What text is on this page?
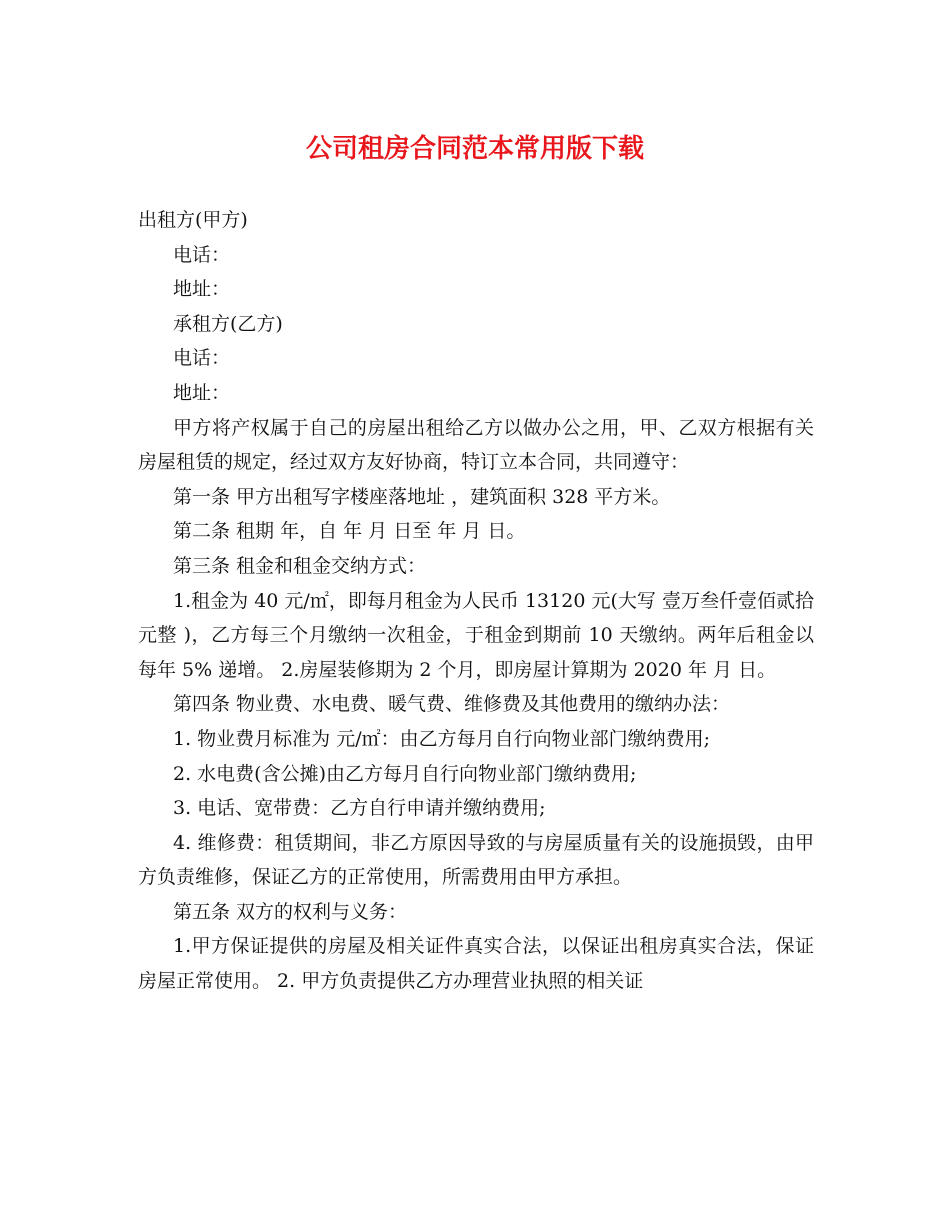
公司租房合同范本常用版下载

出租方(甲方)

电话：

地址：

承租方(乙方)

电话：

地址：

甲方将产权属于自己的房屋出租给乙方以做办公之用，甲、乙双方根据有关房屋租赁的规定，经过双方友好协商，特订立本合同，共同遵守：

第一条 甲方出租写字楼座落地址 ，建筑面积 328 平方米。

第二条 租期 年，自 年 月 日至 年 月 日。

第三条 租金和租金交纳方式：

1.租金为 40 元/㎡，即每月租金为人民币 13120 元(大写 壹万叁仟壹佰贰拾元整 )，乙方每三个月缴纳一次租金，于租金到期前 10 天缴纳。两年后租金以每年 5% 递增。 2.房屋装修期为 2 个月，即房屋计算期为 2020 年 月 日。

第四条 物业费、水电费、暖气费、维修费及其他费用的缴纳办法：

1. 物业费月标准为 元/㎡：由乙方每月自行向物业部门缴纳费用;

2. 水电费(含公摊)由乙方每月自行向物业部门缴纳费用;

3. 电话、宽带费：乙方自行申请并缴纳费用;

4. 维修费：租赁期间，非乙方原因导致的与房屋质量有关的设施损毁，由甲方负责维修，保证乙方的正常使用，所需费用由甲方承担。

第五条 双方的权利与义务：

1.甲方保证提供的房屋及相关证件真实合法，以保证出租房真实合法，保证房屋正常使用。 2. 甲方负责提供乙方办理营业执照的相关证
